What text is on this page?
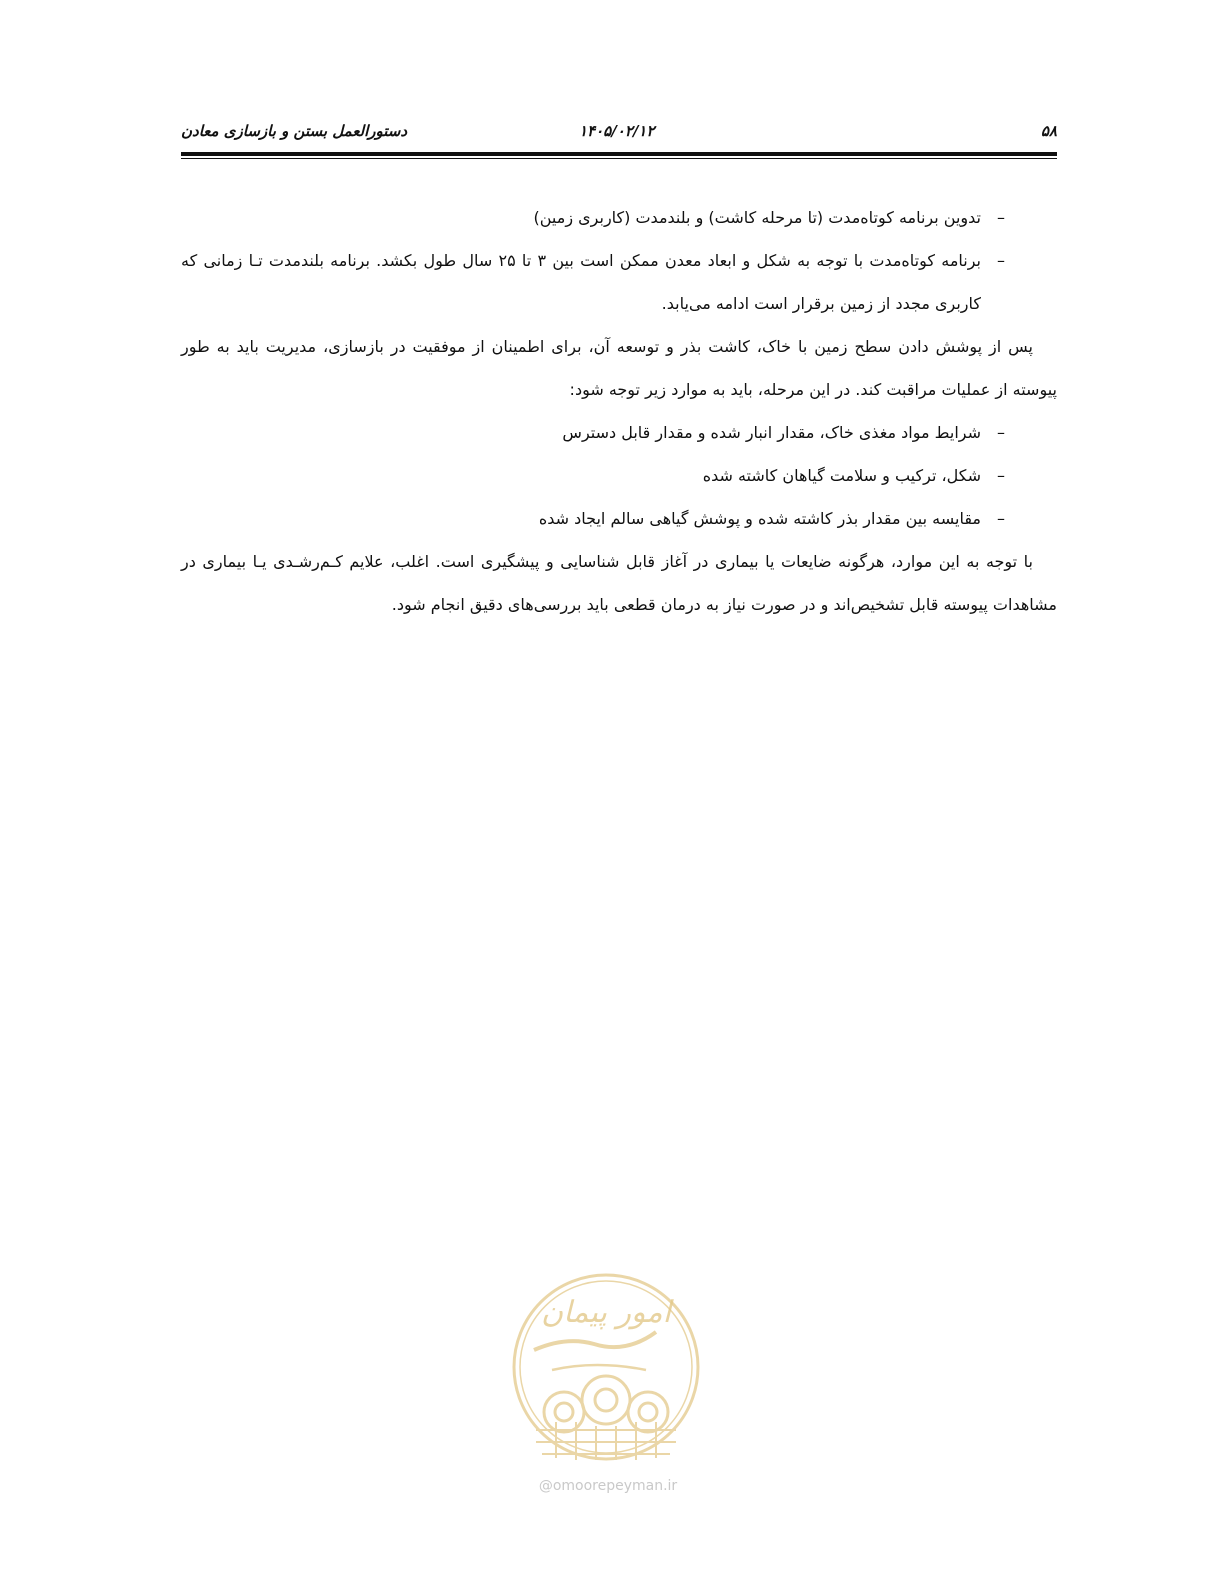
۵۸
۱۴۰۵/۰۲/۱۲
دستورالعمل بستن و بازسازی معادن

–
تدوین برنامه کوتاه‌مدت (تا مرحله کاشت) و بلندمدت (کاربری زمین)

–
برنامه کوتاه‌مدت با توجه به شکل و ابعاد معدن ممکن است بین ۳ تا ۲۵ سال طول بکشد. برنامه بلندمدت تـا زمانی که کاربری مجدد از زمین برقرار است ادامه می‌یابد.

پس از پوشش دادن سطح زمین با خاک، کاشت بذر و توسعه آن، برای اطمینان از موفقیت در بازسازی، مدیریت باید به طور پیوسته از عملیات مراقبت کند. در این مرحله، باید به موارد زیر توجه شود:

–
شرایط مواد مغذی خاک، مقدار انبار شده و مقدار قابل دسترس

–
شکل، ترکیب و سلامت گیاهان کاشته شده

–
مقایسه بین مقدار بذر کاشته شده و پوشش گیاهی سالم ایجاد شده

با توجه به این موارد، هرگونه ضایعات یا بیماری در آغاز قابل شناسایی و پیشگیری است. اغلب، علایم کـم‌رشـدی یـا بیماری در مشاهدات پیوسته قابل تشخیص‌اند و در صورت نیاز به درمان قطعی باید بررسی‌های دقیق انجام شود.

امور پیمان
@omoorepeyman.ir
